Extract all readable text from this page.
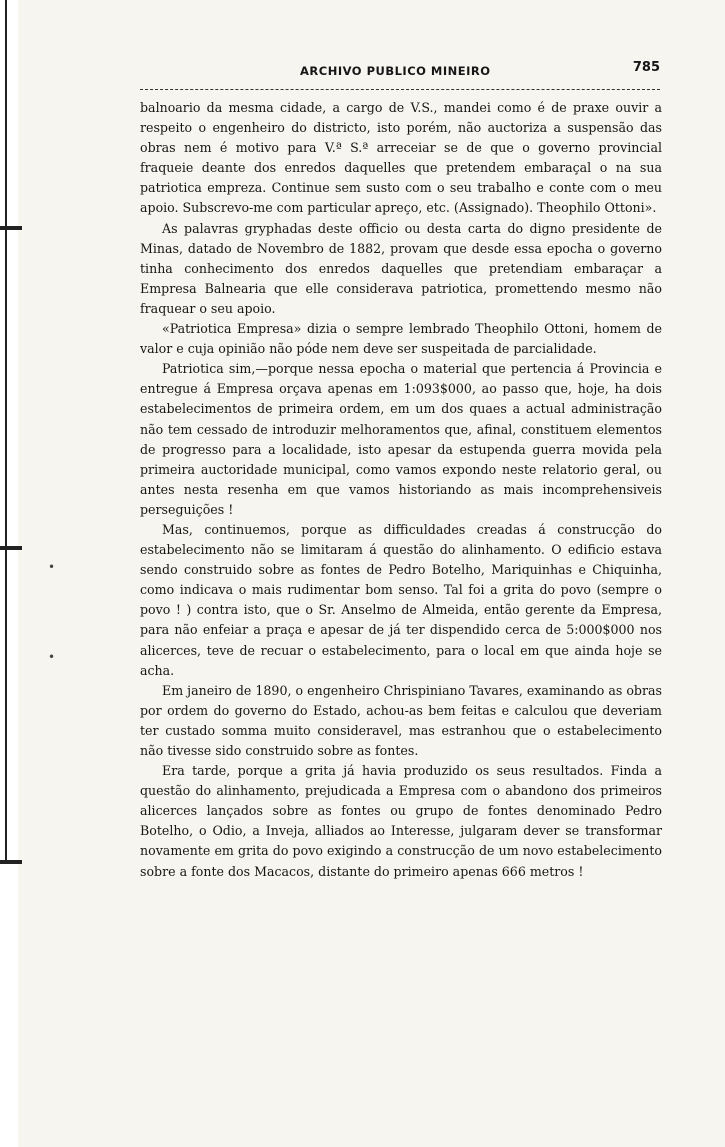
•
•
ARCHIVO PUBLICO MINEIRO	785

balnoario da mesma cidade, a cargo de V.S., mandei como é de praxe ouvir a respeito o engenheiro do districto, isto porém, não auctoriza a suspensão das obras nem é motivo para V.ª S.ª arreceiar se de que o governo provincial fraqueie deante dos enredos daquelles que pretendem embaraçal o na sua patriotica empreza. Continue sem susto com o seu trabalho e conte com o meu apoio. Subscrevo-me com particular apreço, etc. (Assignado). Theophilo Ottoni».

As palavras gryphadas deste officio ou desta carta do digno presidente de Minas, datado de Novembro de 1882, provam que desde essa epocha o governo tinha conhecimento dos enredos daquelles que pretendiam embaraçar a Empresa Balnearia que elle considerava patriotica, promettendo mesmo não fraquear o seu apoio.

«Patriotica Empresa» dizia o sempre lembrado Theophilo Ottoni, homem de valor e cuja opinião não póde nem deve ser suspeitada de parcialidade.

Patriotica sim,—porque nessa epocha o material que pertencia á Provincia e entregue á Empresa orçava apenas em 1:093$000, ao passo que, hoje, ha dois estabelecimentos de primeira ordem, em um dos quaes a actual administração não tem cessado de introduzir melhoramentos que, afinal, constituem elementos de progresso para a localidade, isto apesar da estupenda guerra movida pela primeira auctoridade municipal, como vamos expondo neste relatorio geral, ou antes nesta resenha em que vamos historiando as mais incomprehensiveis perseguições !

Mas, continuemos, porque as difficuldades creadas á construcção do estabelecimento não se limitaram á questão do alinhamento. O edificio estava sendo construido sobre as fontes de Pedro Botelho, Mariquinhas e Chiquinha, como indicava o mais rudimentar bom senso. Tal foi a grita do povo (sempre o povo ! ) contra isto, que o Sr. Anselmo de Almeida, então gerente da Empresa, para não enfeiar a praça e apesar de já ter dispendido cerca de 5:000$000 nos alicerces, teve de recuar o estabelecimento, para o local em que ainda hoje se acha.

Em janeiro de 1890, o engenheiro Chrispiniano Tavares, examinando as obras por ordem do governo do Estado, achou-as bem feitas e calculou que deveriam ter custado somma muito consideravel, mas estranhou que o estabelecimento não tivesse sido construido sobre as fontes.

Era tarde, porque a grita já havia produzido os seus resultados. Finda a questão do alinhamento, prejudicada a Empresa com o abandono dos primeiros alicerces lançados sobre as fontes ou grupo de fontes denominado Pedro Botelho, o Odio, a Inveja, alliados ao Interesse, julgaram dever se transformar novamente em grita do povo exigindo a construcção de um novo estabelecimento sobre a fonte dos Macacos, distante do primeiro apenas 666 metros !
